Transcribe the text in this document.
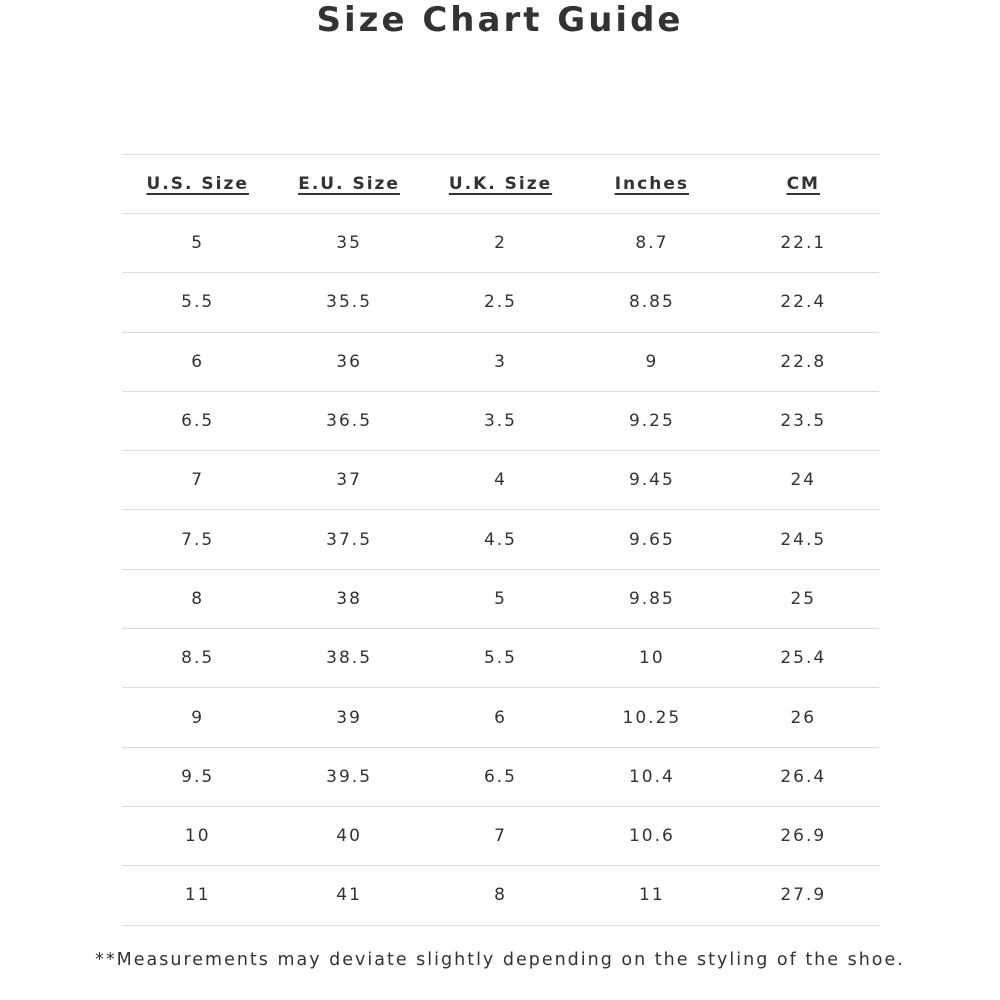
Size Chart Guide
U.S. Size	E.U. Size	U.K. Size	Inches	CM
5	35	2	8.7	22.1
5.5	35.5	2.5	8.85	22.4
6	36	3	9	22.8
6.5	36.5	3.5	9.25	23.5
7	37	4	9.45	24
7.5	37.5	4.5	9.65	24.5
8	38	5	9.85	25
8.5	38.5	5.5	10	25.4
9	39	6	10.25	26
9.5	39.5	6.5	10.4	26.4
10	40	7	10.6	26.9
11	41	8	11	27.9
**Measurements may deviate slightly depending on the styling of the shoe.
